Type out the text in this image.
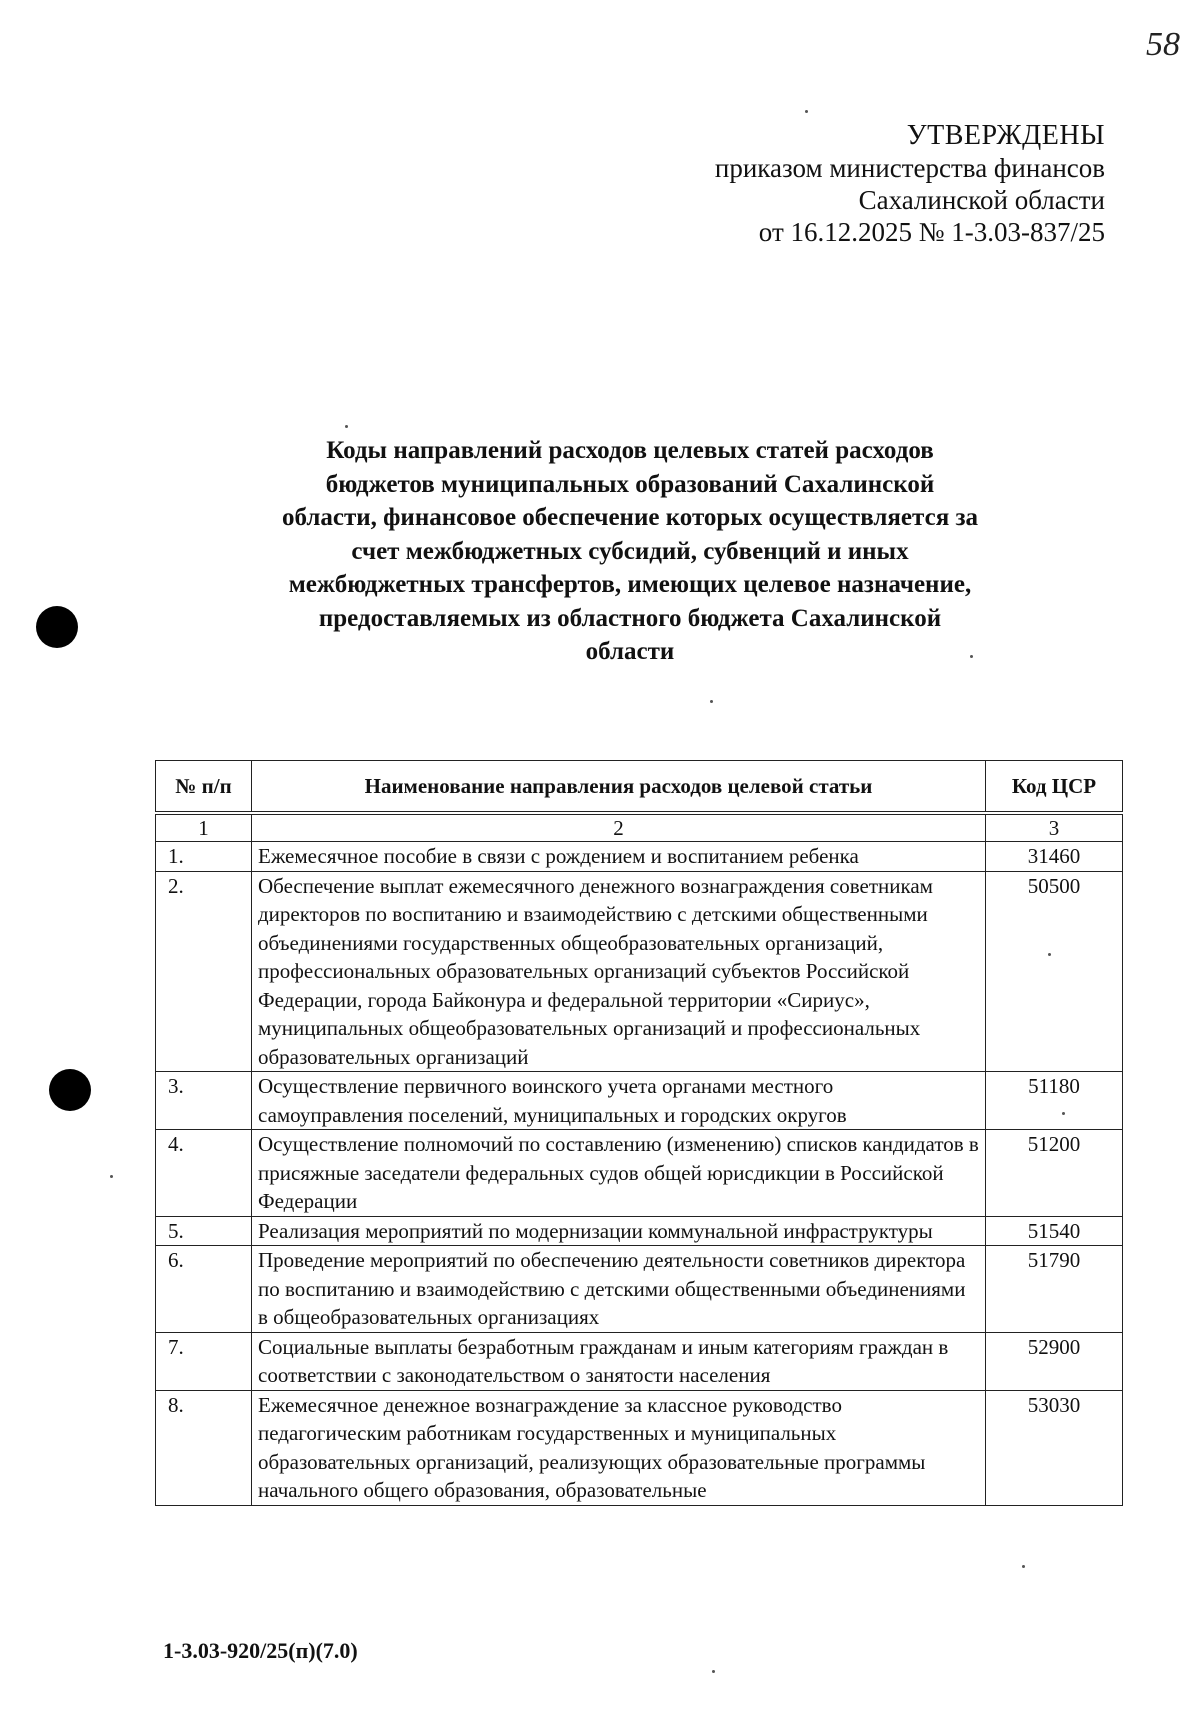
58
УТВЕРЖДЕНЫ
приказом министерства финансов
Сахалинской области
от 16.12.2025 № 1-3.03-837/25
Коды направлений расходов целевых статей расходов
бюджетов муниципальных образований Сахалинской
области, финансовое обеспечение которых осуществляется за
счет межбюджетных субсидий, субвенций и иных
межбюджетных трансфертов, имеющих целевое назначение,
предоставляемых из областного бюджета Сахалинской
области
№ п/п	Наименование направления расходов целевой статьи	Код ЦСР
1	2	3
1.	Ежемесячное пособие в связи с рождением и воспитанием ребенка	31460
2.	Обеспечение выплат ежемесячного денежного вознаграждения советникам директоров по воспитанию и взаимодействию с детскими общественными объединениями государственных общеобразовательных организаций, профессиональных образовательных организаций субъектов Российской Федерации, города Байконура и федеральной территории «Сириус», муниципальных общеобразовательных организаций и профессиональных образовательных организаций	50500
3.	Осуществление первичного воинского учета органами местного самоуправления поселений, муниципальных и городских округов	51180
4.	Осуществление полномочий по составлению (изменению) списков кандидатов в присяжные заседатели федеральных судов общей юрисдикции в Российской Федерации	51200
5.	Реализация мероприятий по модернизации коммунальной инфраструктуры	51540
6.	Проведение мероприятий по обеспечению деятельности советников директора по воспитанию и взаимодействию с детскими общественными объединениями в общеобразовательных организациях	51790
7.	Социальные выплаты безработным гражданам и иным категориям граждан в соответствии с законодательством о занятости населения	52900
8.	Ежемесячное денежное вознаграждение за классное руководство педагогическим работникам государственных и муниципальных образовательных организаций, реализующих образовательные программы начального общего образования, образовательные	53030
1-3.03-920/25(п)(7.0)
